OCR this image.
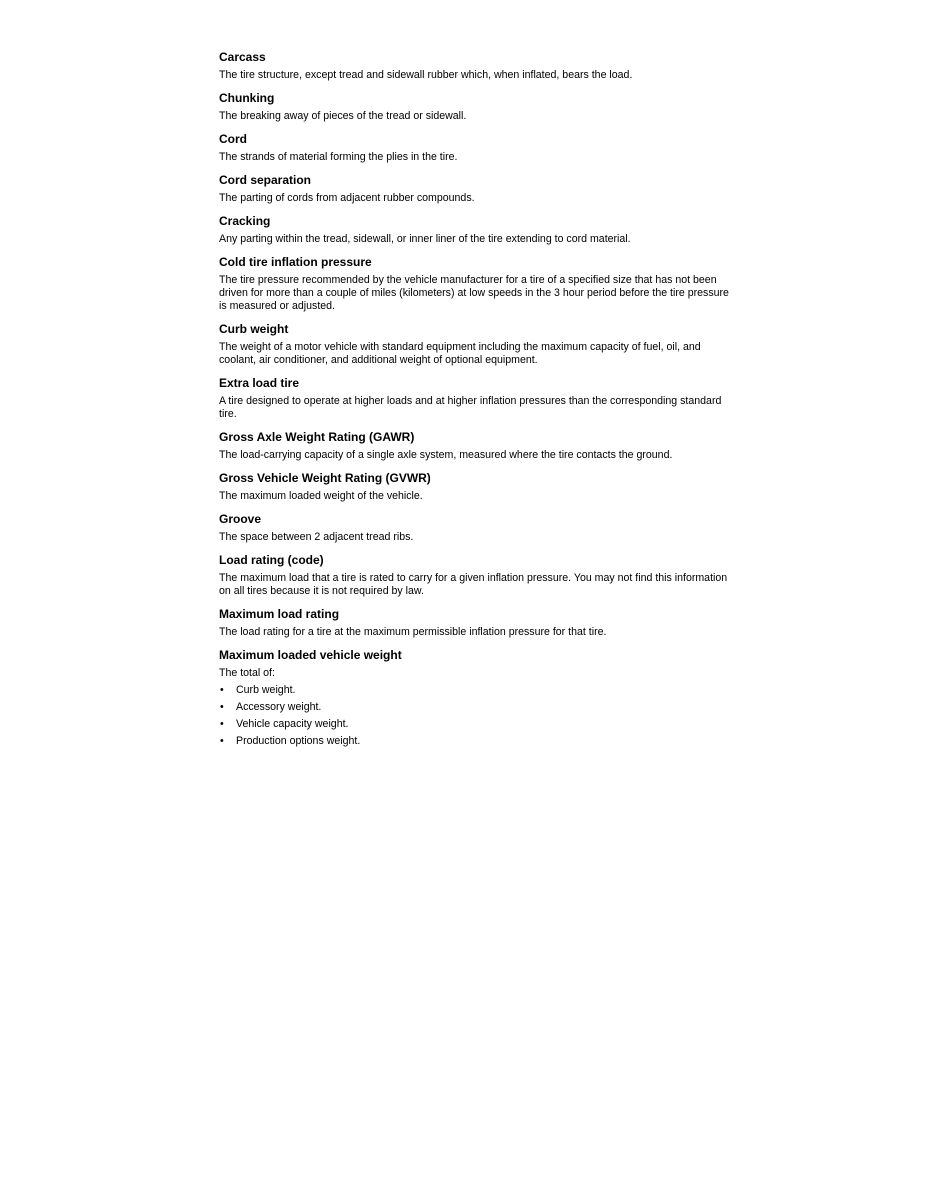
Carcass

The tire structure, except tread and sidewall rubber which, when inflated, bears the load.

Chunking

The breaking away of pieces of the tread or sidewall.

Cord

The strands of material forming the plies in the tire.

Cord separation

The parting of cords from adjacent rubber compounds.

Cracking

Any parting within the tread, sidewall, or inner liner of the tire extending to cord material.

Cold tire inflation pressure

The tire pressure recommended by the vehicle manufacturer for a tire of a specified size that has not been driven for more than a couple of miles (kilometers) at low speeds in the 3 hour period before the tire pressure is measured or adjusted.

Curb weight

The weight of a motor vehicle with standard equipment including the maximum capacity of fuel, oil, and coolant, air conditioner, and additional weight of optional equipment.

Extra load tire

A tire designed to operate at higher loads and at higher inflation pressures than the corresponding standard tire.

Gross Axle Weight Rating (GAWR)

The load-carrying capacity of a single axle system, measured where the tire contacts the ground.

Gross Vehicle Weight Rating (GVWR)

The maximum loaded weight of the vehicle.

Groove

The space between 2 adjacent tread ribs.

Load rating (code)

The maximum load that a tire is rated to carry for a given inflation pressure. You may not find this information on all tires because it is not required by law.

Maximum load rating

The load rating for a tire at the maximum permissible inflation pressure for that tire.

Maximum loaded vehicle weight

The total of:

• Curb weight.
• Accessory weight.
• Vehicle capacity weight.
• Production options weight.
